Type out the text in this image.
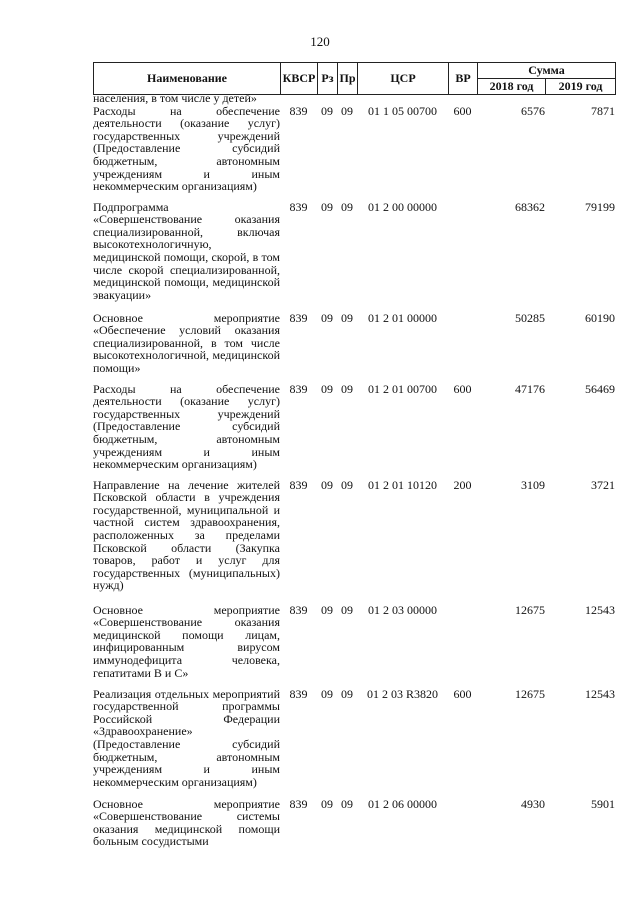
120
Наименование	КВСР	Рз	Пр	ЦСР	ВР	Сумма	
						2018 год	2019 год
населения, в том числе у детей»							
Расходы на обеспечение деятельности (оказание услуг) государственных учреждений (Предоставление субсидий бюджетным, автономным учреждениям и иным некоммерческим организациям)	839	09	09	01 1 05 00700	600	6576	7871
Подпрограмма «Совершенствование оказания специализированной, включая высокотехнологичную, медицинской помощи, скорой, в том числе скорой специализированной, медицинской помощи, медицинской эвакуации»	839	09	09	01 2 00 00000		68362	79199
Основное мероприятие «Обеспечение условий оказания специализированной, в том числе высокотехнологичной, медицинской помощи»	839	09	09	01 2 01 00000		50285	60190
Расходы на обеспечение деятельности (оказание услуг) государственных учреждений (Предоставление субсидий бюджетным, автономным учреждениям и иным некоммерческим организациям)	839	09	09	01 2 01 00700	600	47176	56469
Направление на лечение жителей Псковской области в учреждения государственной, муниципальной и частной систем здравоохранения, расположенных за пределами Псковской области (Закупка товаров, работ и услуг для государственных (муниципальных) нужд)	839	09	09	01 2 01 10120	200	3109	3721
Основное мероприятие «Совершенствование оказания медицинской помощи лицам, инфицированным вирусом иммунодефицита человека, гепатитами В и С»	839	09	09	01 2 03 00000		12675	12543
Реализация отдельных мероприятий государственной программы Российской Федерации «Здравоохранение» (Предоставление субсидий бюджетным, автономным учреждениям и иным некоммерческим организациям)	839	09	09	01 2 03 R3820	600	12675	12543
Основное мероприятие «Совершенствование системы оказания медицинской помощи больным сосудистыми	839	09	09	01 2 06 00000		4930	5901
